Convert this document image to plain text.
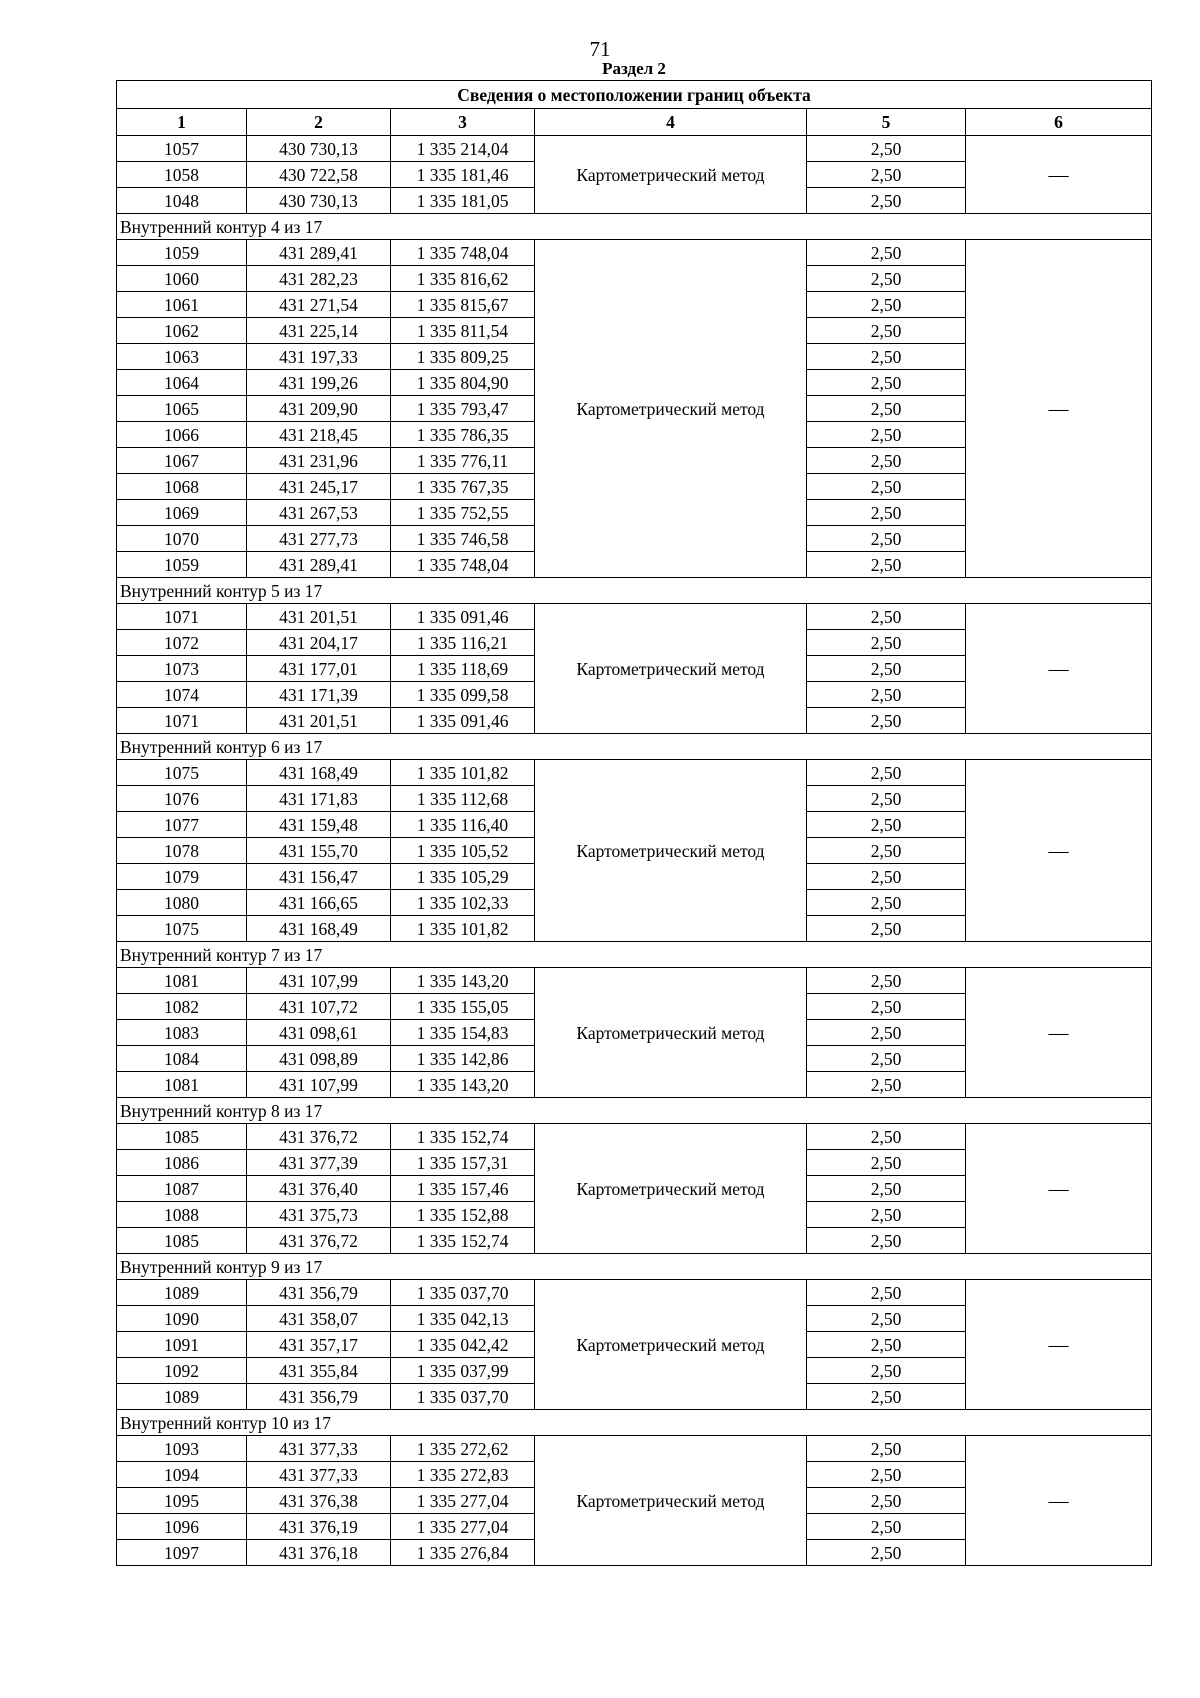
71
Раздел 2
Сведения о местоположении границ объекта					
1	2	3	4	5	6
1057	430 730,13	1 335 214,04	Картометрический метод	2,50	—
1058	430 722,58	1 335 181,46		2,50	
1048	430 730,13	1 335 181,05		2,50	
Внутренний контур 4 из 17					
1059	431 289,41	1 335 748,04	Картометрический метод	2,50	—
1060	431 282,23	1 335 816,62		2,50	
1061	431 271,54	1 335 815,67		2,50	
1062	431 225,14	1 335 811,54		2,50	
1063	431 197,33	1 335 809,25		2,50	
1064	431 199,26	1 335 804,90		2,50	
1065	431 209,90	1 335 793,47		2,50	
1066	431 218,45	1 335 786,35		2,50	
1067	431 231,96	1 335 776,11		2,50	
1068	431 245,17	1 335 767,35		2,50	
1069	431 267,53	1 335 752,55		2,50	
1070	431 277,73	1 335 746,58		2,50	
1059	431 289,41	1 335 748,04		2,50	
Внутренний контур 5 из 17					
1071	431 201,51	1 335 091,46	Картометрический метод	2,50	—
1072	431 204,17	1 335 116,21		2,50	
1073	431 177,01	1 335 118,69		2,50	
1074	431 171,39	1 335 099,58		2,50	
1071	431 201,51	1 335 091,46		2,50	
Внутренний контур 6 из 17					
1075	431 168,49	1 335 101,82	Картометрический метод	2,50	—
1076	431 171,83	1 335 112,68		2,50	
1077	431 159,48	1 335 116,40		2,50	
1078	431 155,70	1 335 105,52		2,50	
1079	431 156,47	1 335 105,29		2,50	
1080	431 166,65	1 335 102,33		2,50	
1075	431 168,49	1 335 101,82		2,50	
Внутренний контур 7 из 17					
1081	431 107,99	1 335 143,20	Картометрический метод	2,50	—
1082	431 107,72	1 335 155,05		2,50	
1083	431 098,61	1 335 154,83		2,50	
1084	431 098,89	1 335 142,86		2,50	
1081	431 107,99	1 335 143,20		2,50	
Внутренний контур 8 из 17					
1085	431 376,72	1 335 152,74	Картометрический метод	2,50	—
1086	431 377,39	1 335 157,31		2,50	
1087	431 376,40	1 335 157,46		2,50	
1088	431 375,73	1 335 152,88		2,50	
1085	431 376,72	1 335 152,74		2,50	
Внутренний контур 9 из 17					
1089	431 356,79	1 335 037,70	Картометрический метод	2,50	—
1090	431 358,07	1 335 042,13		2,50	
1091	431 357,17	1 335 042,42		2,50	
1092	431 355,84	1 335 037,99		2,50	
1089	431 356,79	1 335 037,70		2,50	
Внутренний контур 10 из 17					
1093	431 377,33	1 335 272,62	Картометрический метод	2,50	—
1094	431 377,33	1 335 272,83		2,50	
1095	431 376,38	1 335 277,04		2,50	
1096	431 376,19	1 335 277,04		2,50	
1097	431 376,18	1 335 276,84		2,50	
